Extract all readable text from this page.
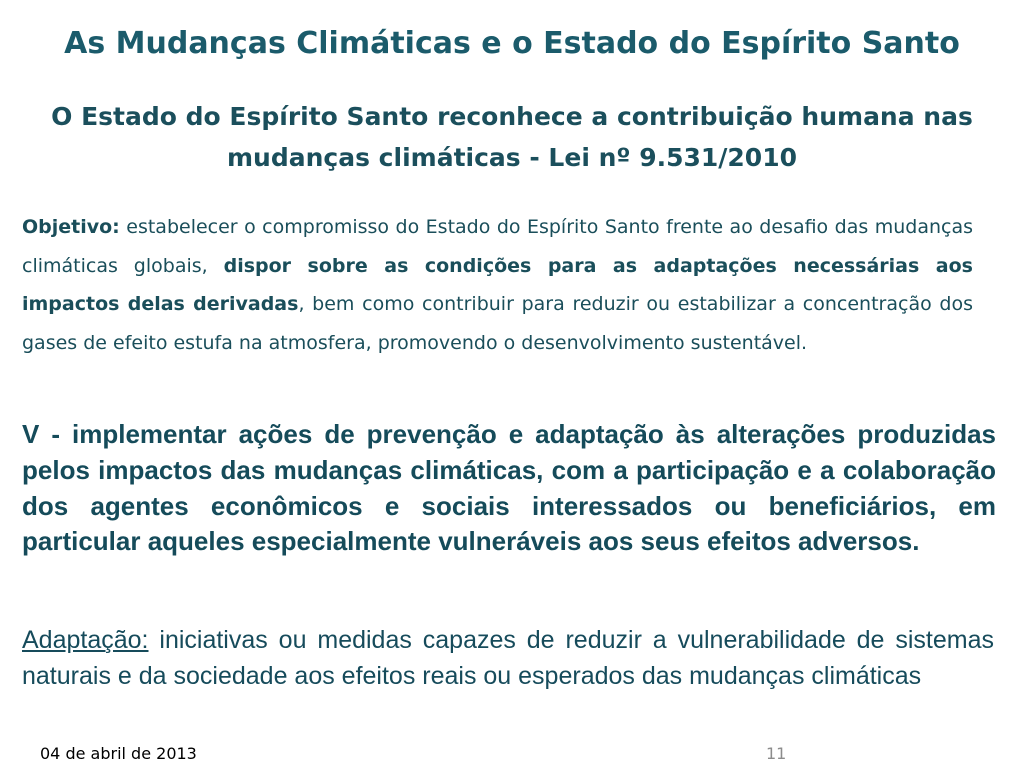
As Mudanças Climáticas e o Estado do Espírito Santo
O Estado do Espírito Santo reconhece a contribuição humana nas mudanças climáticas - Lei nº 9.531/2010
Objetivo: estabelecer o compromisso do Estado do Espírito Santo frente ao desafio das mudanças climáticas globais, dispor sobre as condições para as adaptações necessárias aos impactos delas derivadas, bem como contribuir para reduzir ou estabilizar a concentração dos gases de efeito estufa na atmosfera, promovendo o desenvolvimento sustentável.
V - implementar ações de prevenção e adaptação às alterações produzidas pelos impactos das mudanças climáticas, com a participação e a colaboração dos agentes econômicos e sociais interessados ou beneficiários, em particular aqueles especialmente vulneráveis aos seus efeitos adversos.
Adaptação: iniciativas ou medidas capazes de reduzir a vulnerabilidade de sistemas naturais e da sociedade aos efeitos reais ou esperados das mudanças climáticas
04 de abril de 2013	11
